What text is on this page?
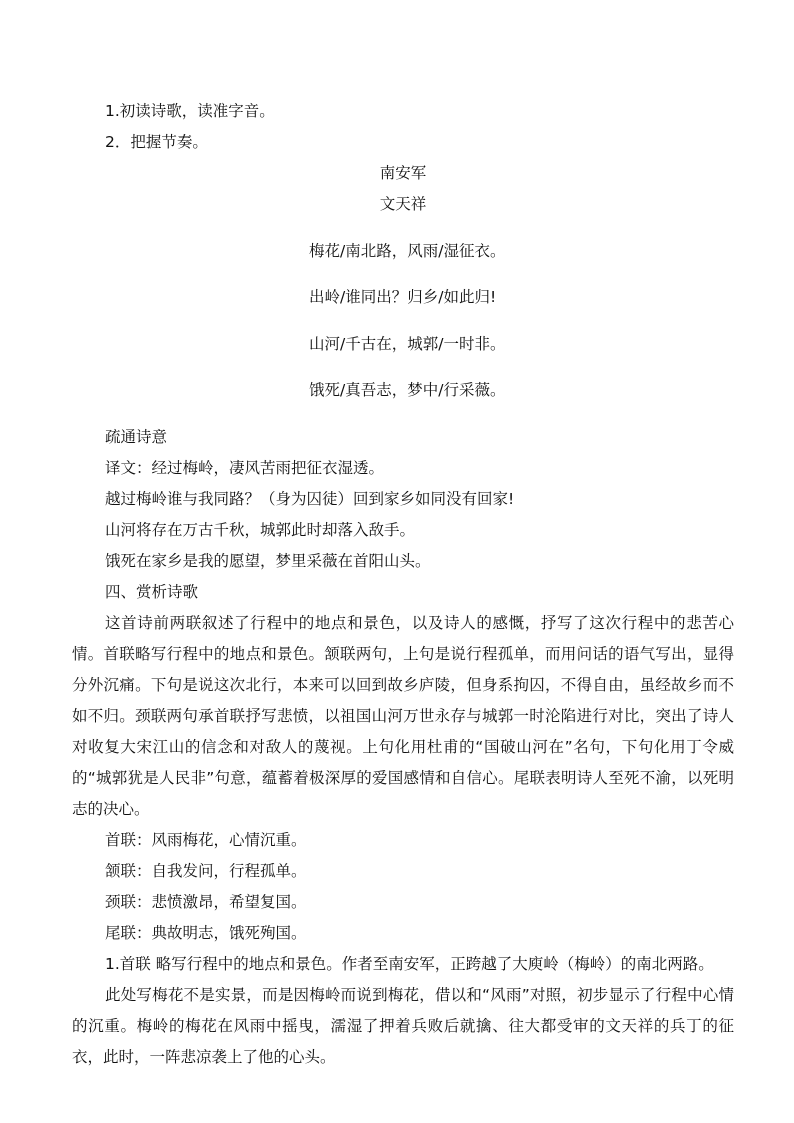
1.初读诗歌，读准字音。

2．把握节奏。

南安军

文天祥

梅花/南北路，风雨/湿征衣。

出岭/谁同出？归乡/如此归!

山河/千古在，城郭/一时非。

饿死/真吾志，梦中/行采薇。

疏通诗意

译文：经过梅岭，凄风苦雨把征衣湿透。

越过梅岭谁与我同路？（身为囚徒）回到家乡如同没有回家!

山河将存在万古千秋，城郭此时却落入敌手。

饿死在家乡是我的愿望，梦里采薇在首阳山头。

四、赏析诗歌

这首诗前两联叙述了行程中的地点和景色，以及诗人的感慨，抒写了这次行程中的悲苦心情。首联略写行程中的地点和景色。颔联两句，上句是说行程孤单，而用问话的语气写出，显得分外沉痛。下句是说这次北行，本来可以回到故乡庐陵，但身系拘囚，不得自由，虽经故乡而不如不归。颈联两句承首联抒写悲愤，以祖国山河万世永存与城郭一时沦陷进行对比，突出了诗人对收复大宋江山的信念和对敌人的蔑视。上句化用杜甫的“国破山河在”名句，下句化用丁令威的“城郭犹是人民非”句意，蕴蓄着极深厚的爱国感情和自信心。尾联表明诗人至死不渝，以死明志的决心。

首联：风雨梅花，心情沉重。

颔联：自我发问，行程孤单。

颈联：悲愤激昂，希望复国。

尾联：典故明志，饿死殉国。

1.首联 略写行程中的地点和景色。作者至南安军，正跨越了大庾岭（梅岭）的南北两路。

此处写梅花不是实景，而是因梅岭而说到梅花，借以和“风雨”对照，初步显示了行程中心情的沉重。梅岭的梅花在风雨中摇曳，濡湿了押着兵败后就擒、往大都受审的文天祥的兵丁的征衣，此时，一阵悲凉袭上了他的心头。
